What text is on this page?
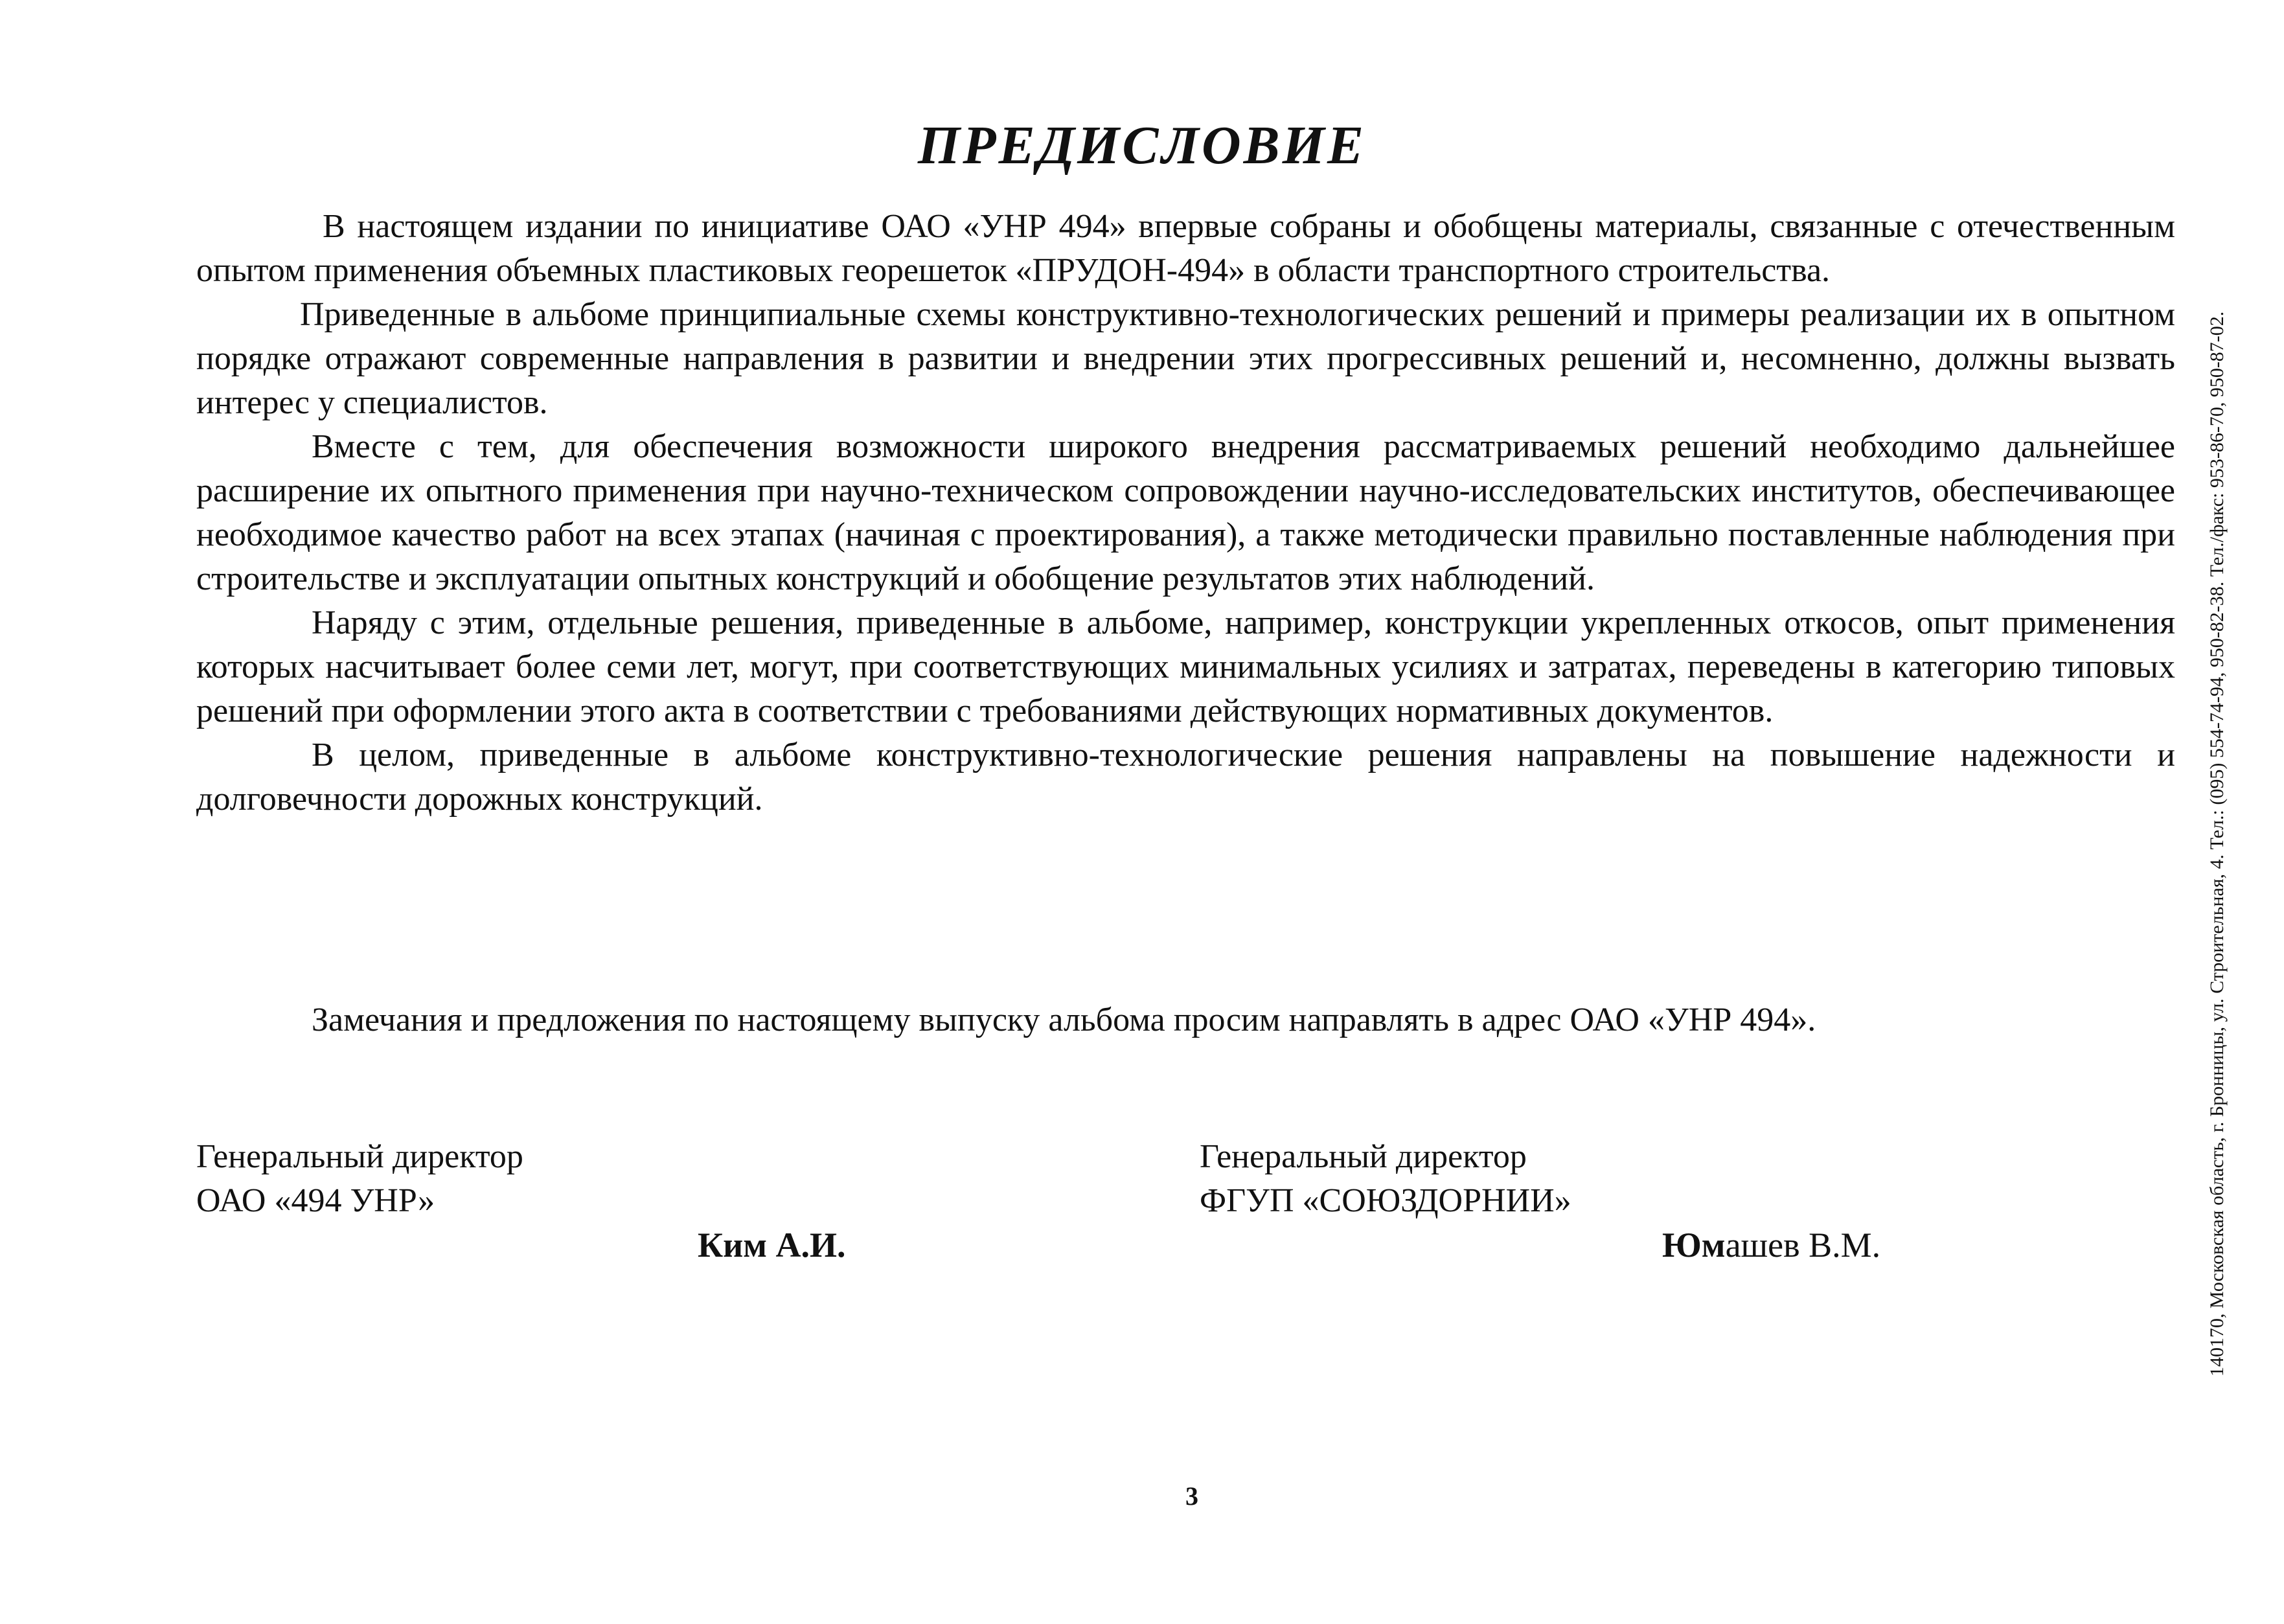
ПРЕДИСЛОВИЕ

В настоящем издании по инициативе ОАО «УНР 494» впервые собраны и обобщены материалы, связанные с отечественным опытом применения объемных пластиковых георешеток «ПРУДОН-494» в области транспортного строительства.

Приведенные в альбоме принципиальные схемы конструктивно-технологических решений и примеры реализации их в опытном порядке отражают современные направления в развитии и внедрении этих прогрессивных решений и, несомненно, должны вызвать интерес у специалистов.

Вместе с тем, для обеспечения возможности широкого внедрения рассматриваемых решений необходимо дальнейшее расширение их опытного применения при научно-техническом сопровождении научно-исследовательских институтов, обеспечивающее необходимое качество работ на всех этапах (начиная с проектирования), а также методически правильно поставленные наблюдения при строительстве и эксплуатации опытных конструкций и обобщение результатов этих наблюдений.

Наряду с этим, отдельные решения, приведенные в альбоме, например, конструкции укрепленных откосов, опыт применения которых насчитывает более семи лет, могут, при соответствующих минимальных усилиях и затратах, переведены в категорию типовых решений при оформлении этого акта в соответствии с требованиями действующих нормативных документов.

В целом, приведенные в альбоме конструктивно-технологические решения направлены на повышение надежности и долговечности дорожных конструкций.

Замечания и предложения по настоящему выпуску альбома просим направлять в адрес ОАО «УНР 494».
Генеральный директор
ОАО «494 УНР»
Ким А.И.
Генеральный директор
ФГУП «СОЮЗДОРНИИ»
Юмашев В.М.	140170, Московская область, г. Бронницы, ул. Строительная, 4. Тел.: (095) 554-74-94, 950-82-38. Тел./факс: 953-86-70, 950-87-02.
3
